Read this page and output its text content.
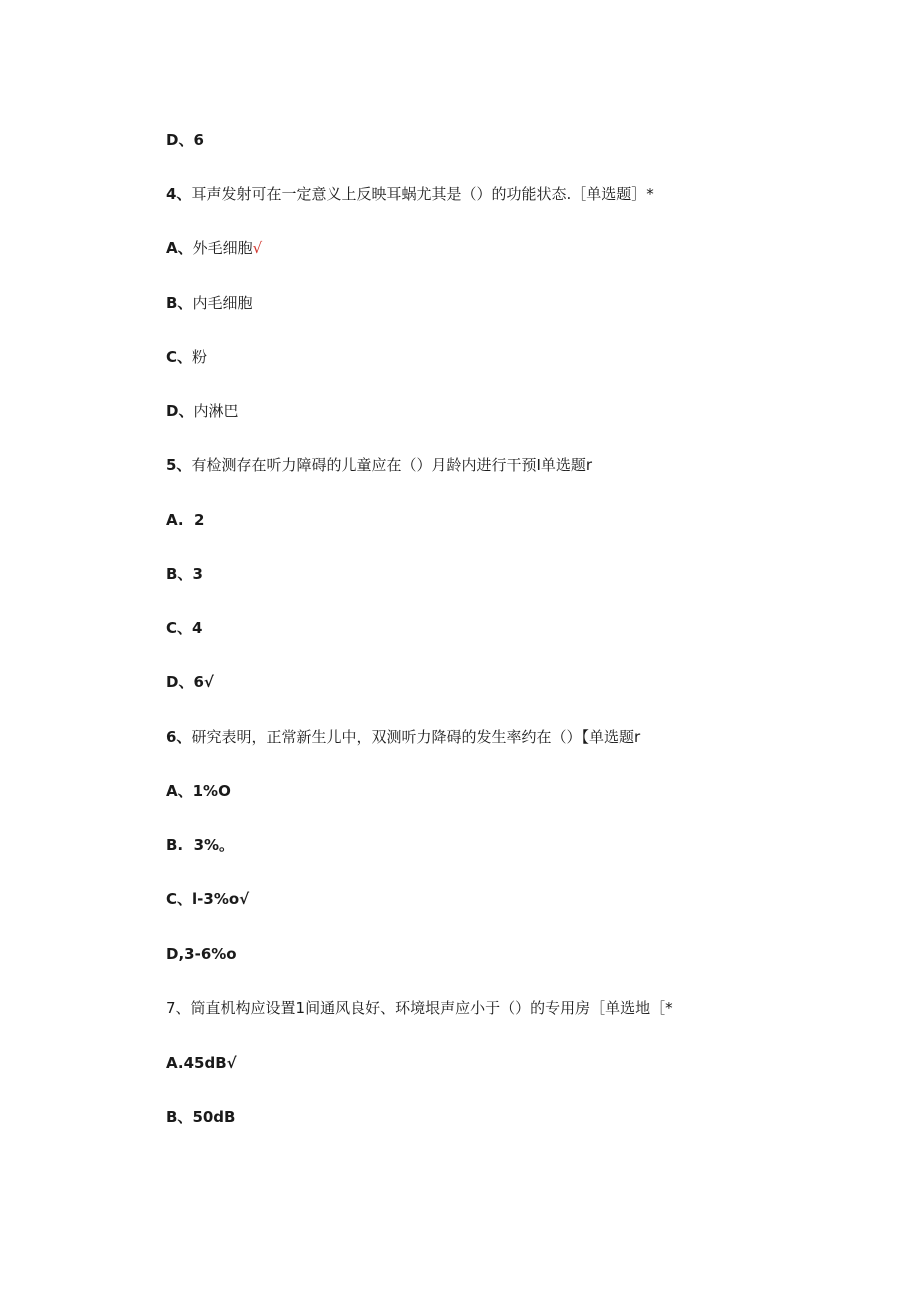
D、6
4、耳声发射可在一定意义上反映耳蜗尤其是（）的功能状态.［单选题］*
A、外毛细胞√
B、内毛细胞
C、粉
D、内淋巴
5、有检测存在听力障碍的儿童应在（）月龄内进行干预I单选题r
A.  2
B、3
C、4
D、6√
6、研究表明，正常新生儿中，双测听力降碍的发生率约在（）【单选题r
A、1%O
B.  3%。
C、l-3%o√
D,3-6%o
7、筒直机构应设置1间通风良好、环境垠声应小于（）的专用房［单选地［*
A.45dB√
B、50dB
